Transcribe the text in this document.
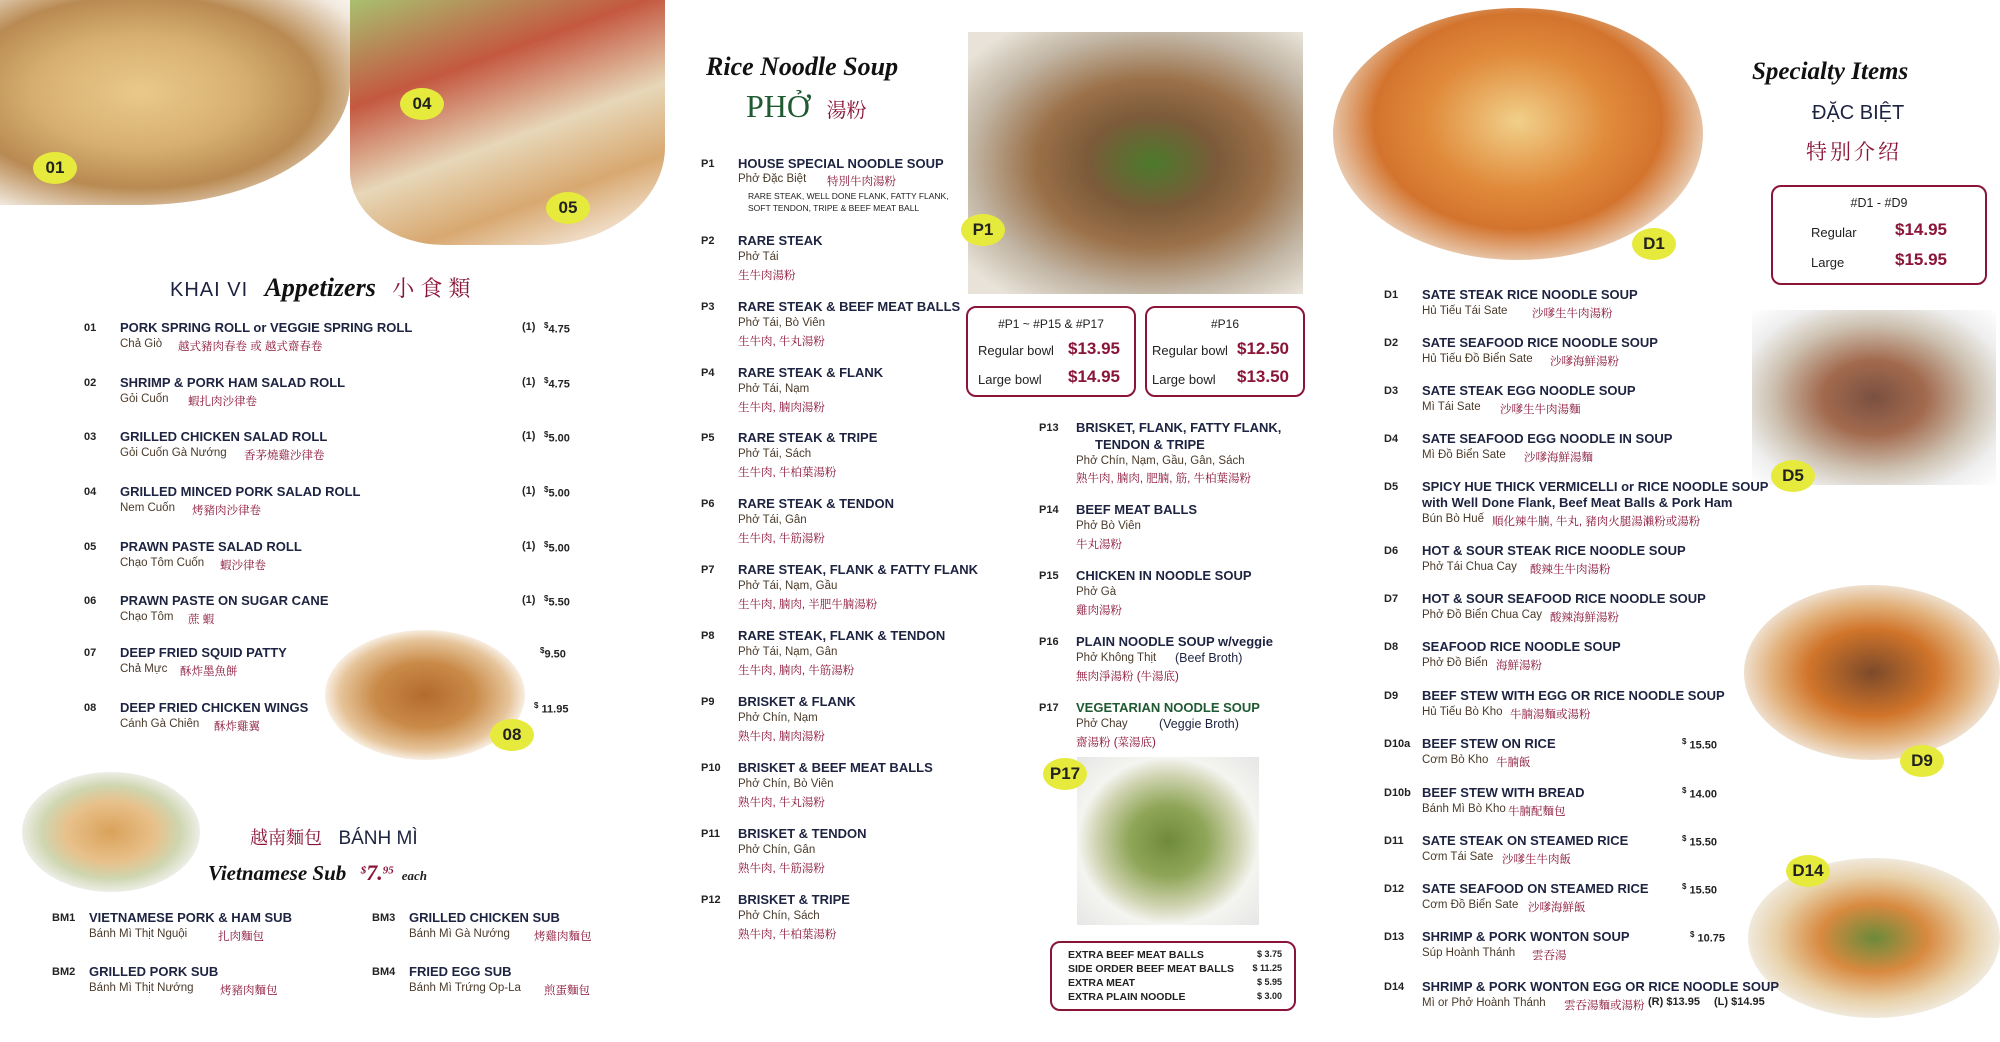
01
04
05
KHAI VI Appetizers 小 食 類
01 PORK SPRING ROLL or VEGGIE SPRING ROLL
Chả Giò 越式豬肉春卷 或 越式齋春卷
(1) $4.75
02 SHRIMP & PORK HAM SALAD ROLL
Gỏi Cuốn 蝦扎肉沙律卷
(1) $4.75
03 GRILLED CHICKEN SALAD ROLL
Gỏi Cuốn Gà Nướng 香茅燒雞沙律卷
(1) $5.00
04 GRILLED MINCED PORK SALAD ROLL
Nem Cuốn 烤豬肉沙律卷
(1) $5.00
05 PRAWN PASTE SALAD ROLL
Chạo Tôm Cuốn 蝦沙律卷
(1) $5.00
06 PRAWN PASTE ON SUGAR CANE
Chạo Tôm 蔗 蝦
(1) $5.50
07 DEEP FRIED SQUID PATTY
Chả Mực 酥炸墨魚餅
$9.50
08 DEEP FRIED CHICKEN WINGS
Cánh Gà Chiên 酥炸雞翼
$ 11.95
08
越南麵包 BÁNH MÌ
Vietnamese Sub $7.95 each
BM1 VIETNAMESE PORK & HAM SUB
Bánh Mì Thịt Nguội	扎肉麵包
BM2 GRILLED PORK SUB
Bánh Mì Thịt Nướng 烤豬肉麵包
BM3 GRILLED CHICKEN SUB
Bánh Mì Gà Nướng 烤雞肉麵包
BM4 FRIED EGG SUB
Bánh Mì Trứng Op-La 煎蛋麵包
Rice Noodle Soup
PHỞ 湯粉
P1
P1 HOUSE SPECIAL NOODLE SOUP
Phở Đặc Biệt 特別牛肉湯粉
RARE STEAK, WELL DONE FLANK, FATTY FLANK,
SOFT TENDON, TRIPE & BEEF MEAT BALL
P2 RARE STEAK
Phở Tái
生牛肉湯粉
P3 RARE STEAK & BEEF MEAT BALLS
Phở Tái, Bò Viên
生牛肉, 牛丸湯粉
P4 RARE STEAK & FLANK
Phở Tái, Nạm
生牛肉, 腩肉湯粉
P5 RARE STEAK & TRIPE
Phở Tái, Sách
生牛肉, 牛柏葉湯粉
P6 RARE STEAK & TENDON
Phở Tái, Gân
生牛肉, 牛筋湯粉
P7 RARE STEAK, FLANK & FATTY FLANK
Phở Tái, Nạm, Gầu
生牛肉, 腩肉, 半肥牛腩湯粉
P8 RARE STEAK, FLANK & TENDON
Phở Tái, Nạm, Gân
生牛肉, 腩肉, 牛筋湯粉
P9 BRISKET & FLANK
Phở Chín, Nạm
熟牛肉, 腩肉湯粉
P10 BRISKET & BEEF MEAT BALLS
Phở Chín, Bò Viên
熟牛肉, 牛丸湯粉
P11 BRISKET & TENDON
Phở Chín, Gân
熟牛肉, 牛筋湯粉
P12 BRISKET & TRIPE
Phở Chín, Sách
熟牛肉, 牛柏葉湯粉
#P1 ~ #P15 & #P17
Regular bowl $13.95
Large bowl $14.95
#P16
Regular bowl $12.50
Large bowl $13.50
P13 BRISKET, FLANK, FATTY FLANK,
TENDON & TRIPE
Phở Chín, Nạm, Gầu, Gân, Sách
熟牛肉, 腩肉, 肥腩, 筋, 牛柏葉湯粉
P14 BEEF MEAT BALLS
Phở Bò Viên
牛丸湯粉
P15 CHICKEN IN NOODLE SOUP
Phở Gà
雞肉湯粉
P16 PLAIN NOODLE SOUP w/veggie
Phở Không Thịt (Beef Broth)
無肉淨湯粉 (牛湯底)
P17 VEGETARIAN NOODLE SOUP
Phở Chay	(Veggie Broth)
齋湯粉 (菜湯底)
P17
EXTRA BEEF MEAT BALLS	$ 3.75
SIDE ORDER BEEF MEAT BALLS $ 11.25
EXTRA MEAT	$ 5.95
EXTRA PLAIN NOODLE	$ 3.00
D1
Specialty Items
ĐẶC BIỆT
特别介绍
#D1 - #D9
Regular $14.95
Large	$15.95
D5
D9
D14
D1 SATE STEAK RICE NOODLE SOUP
Hủ Tiếu Tái Sate 沙嗲生牛肉湯粉
D2 SATE SEAFOOD RICE NOODLE SOUP
Hủ Tiếu Đồ Biển Sate 沙嗲海鮮湯粉
D3 SATE STEAK EGG NOODLE SOUP
Mì Tái Sate 沙嗲生牛肉湯麵
D4 SATE SEAFOOD EGG NOODLE IN SOUP
Mì Đồ Biển Sate 沙嗲海鮮湯麵
D5 SPICY HUE THICK VERMICELLI or RICE NOODLE SOUP
with Well Done Flank, Beef Meat Balls & Pork Ham
Bún Bò Huế 順化辣牛腩, 牛丸, 豬肉火腿湯瀨粉或湯粉
D6 HOT & SOUR STEAK RICE NOODLE SOUP
Phở Tái Chua Cay 酸辣生牛肉湯粉
D7 HOT & SOUR SEAFOOD RICE NOODLE SOUP
Phở Đồ Biển Chua Cay 酸辣海鮮湯粉
D8 SEAFOOD RICE NOODLE SOUP
Phở Đồ Biển 海鮮湯粉
D9 BEEF STEW WITH EGG OR RICE NOODLE SOUP
Hủ Tiếu Bò Kho 牛腩湯麵或湯粉
D10a BEEF STEW ON RICE
Cơm Bò Kho 牛腩飯
$ 15.50
D10b BEEF STEW WITH BREAD
Bánh Mì Bò Kho 牛腩配麵包
$ 14.00
D11 SATE STEAK ON STEAMED RICE
Cơm Tái Sate 沙嗲生牛肉飯
$ 15.50
D12 SATE SEAFOOD ON STEAMED RICE
Cơm Đồ Biển Sate 沙嗲海鮮飯
$ 15.50
D13 SHRIMP & PORK WONTON SOUP
Súp Hoành Thánh 雲吞湯
$ 10.75
D14 SHRIMP & PORK WONTON EGG OR RICE NOODLE SOUP
Mì or Phở Hoành Thánh 雲吞湯麵或湯粉 (R) $13.95 (L) $14.95
